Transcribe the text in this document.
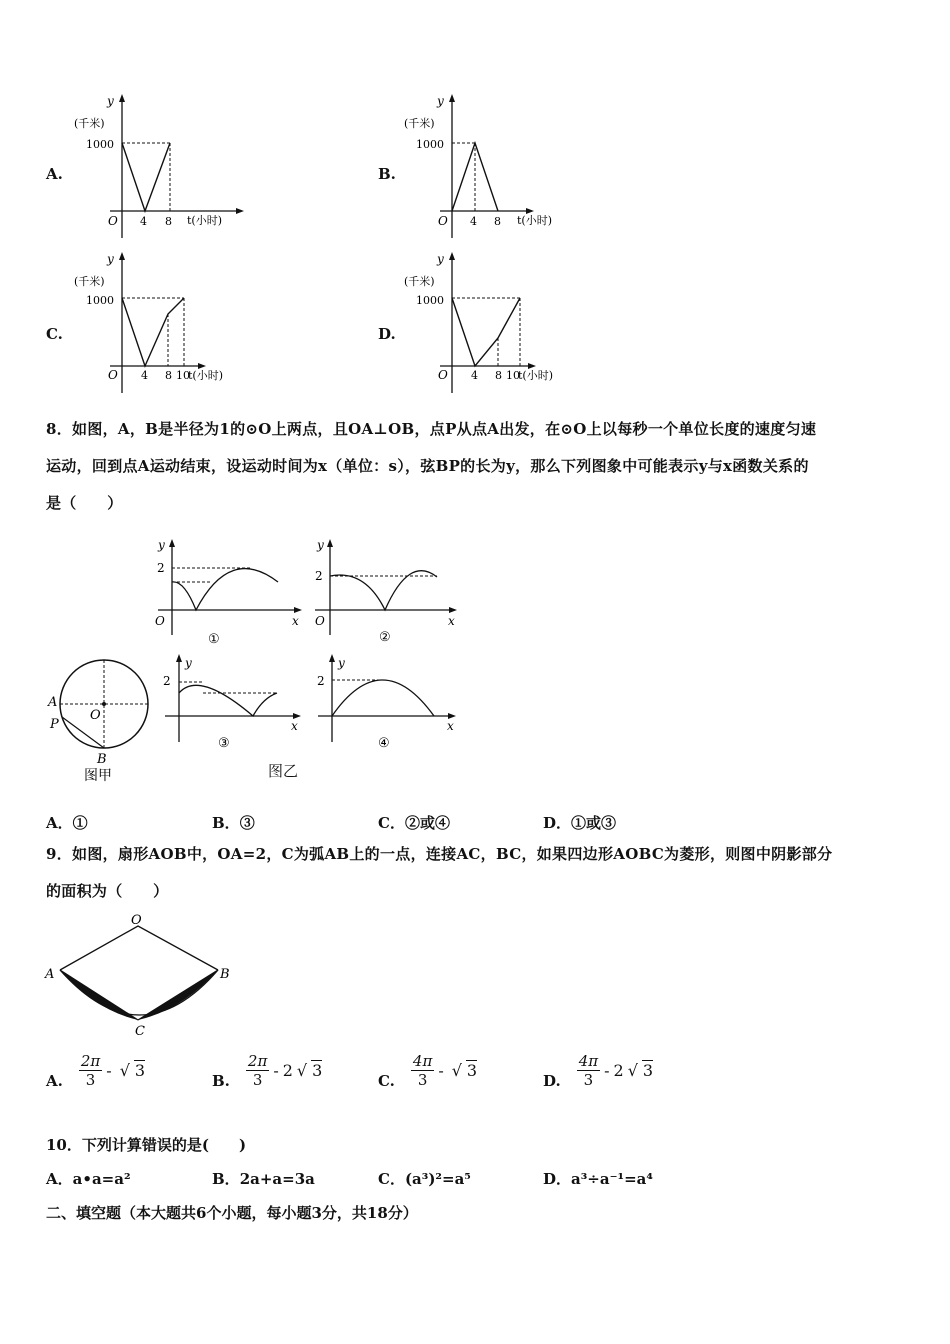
A.	B.
C.	D.
y
(千米)
1000
O 4 8 t(小时)
y
(千米)
1000
O 4 8 t(小时)
y
(千米)
1000
O 4 8 10
t(小时)
y
(千米)
1000
O 4 8 10
t(小时)
8．如图，A，B是半径为1的⊙O上两点，且OA⊥OB，点P从点A出发，在⊙O上以每秒一个单位长度的速度匀速
运动，回到点A运动结束，设运动时间为x（单位：s），弦BP的长为y，那么下列图象中可能表示y与x函数关系的
是（　　）
A
P
O
B
图甲
y
2
O	x
①
y
2
O	x
②
y
2
x
③
y
2
x
④
图乙
A．①	B．③	C．②或④	D．①或③
9．如图，扇形AOB中，OA=2，C为弧AB上的一点，连接AC，BC，如果四边形AOBC为菱形，则图中阴影部分
的面积为（　　）
O
A	B
C
A. $\frac{2\pi}{3}$ - √ 3
B. $\frac{2\pi}{3} - 2$ √ 3
C. $\frac{4\pi}{3}$ - √ 3
D. $\frac{4\pi}{3} - 2$ √ 3
10．下列计算错误的是(　　)
A．a•a=a²	B．2a+a=3a	C．(a³)²=a⁵	D．a³÷a⁻¹=a⁴
二、填空题（本大题共6个小题，每小题3分，共18分）
